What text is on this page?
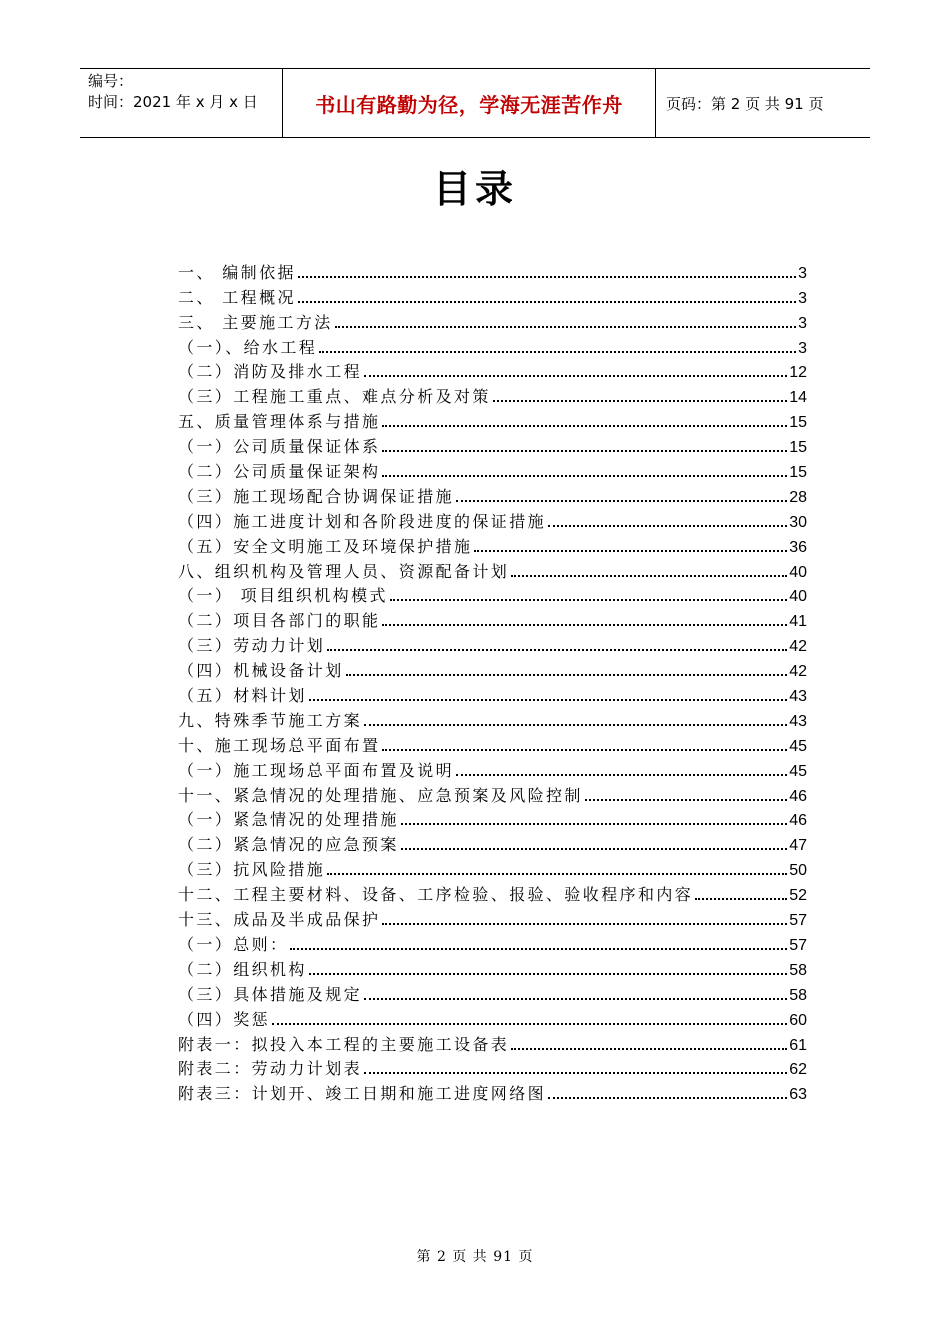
编号：
时间：2021 年 x 月 x 日	书山有路勤为径，学海无涯苦作舟	页码：第 2 页 共 91 页
目录
一、 编制依据	3
二、 工程概况	3
三、 主要施工方法	3
（一）、给水工程	3
（二）消防及排水工程	12
（三）工程施工重点、难点分析及对策	14
五、质量管理体系与措施	15
（一）公司质量保证体系	15
（二）公司质量保证架构	15
（三）施工现场配合协调保证措施	28
（四）施工进度计划和各阶段进度的保证措施	30
（五）安全文明施工及环境保护措施	36
八、组织机构及管理人员、资源配备计划	40
（一） 项目组织机构模式	40
（二）项目各部门的职能	41
（三）劳动力计划	42
（四）机械设备计划	42
（五）材料计划	43
九、特殊季节施工方案	43
十、施工现场总平面布置	45
（一）施工现场总平面布置及说明	45
十一、紧急情况的处理措施、应急预案及风险控制	46
（一）紧急情况的处理措施	46
（二）紧急情况的应急预案	47
（三）抗风险措施	50
十二、工程主要材料、设备、工序检验、报验、验收程序和内容	52
十三、成品及半成品保护	57
（一）总则：	57
（二）组织机构	58
（三）具体措施及规定	58
（四）奖惩	60
附表一：拟投入本工程的主要施工设备表	61
附表二：劳动力计划表	62
附表三：计划开、竣工日期和施工进度网络图	63
第 2 页 共 91 页
